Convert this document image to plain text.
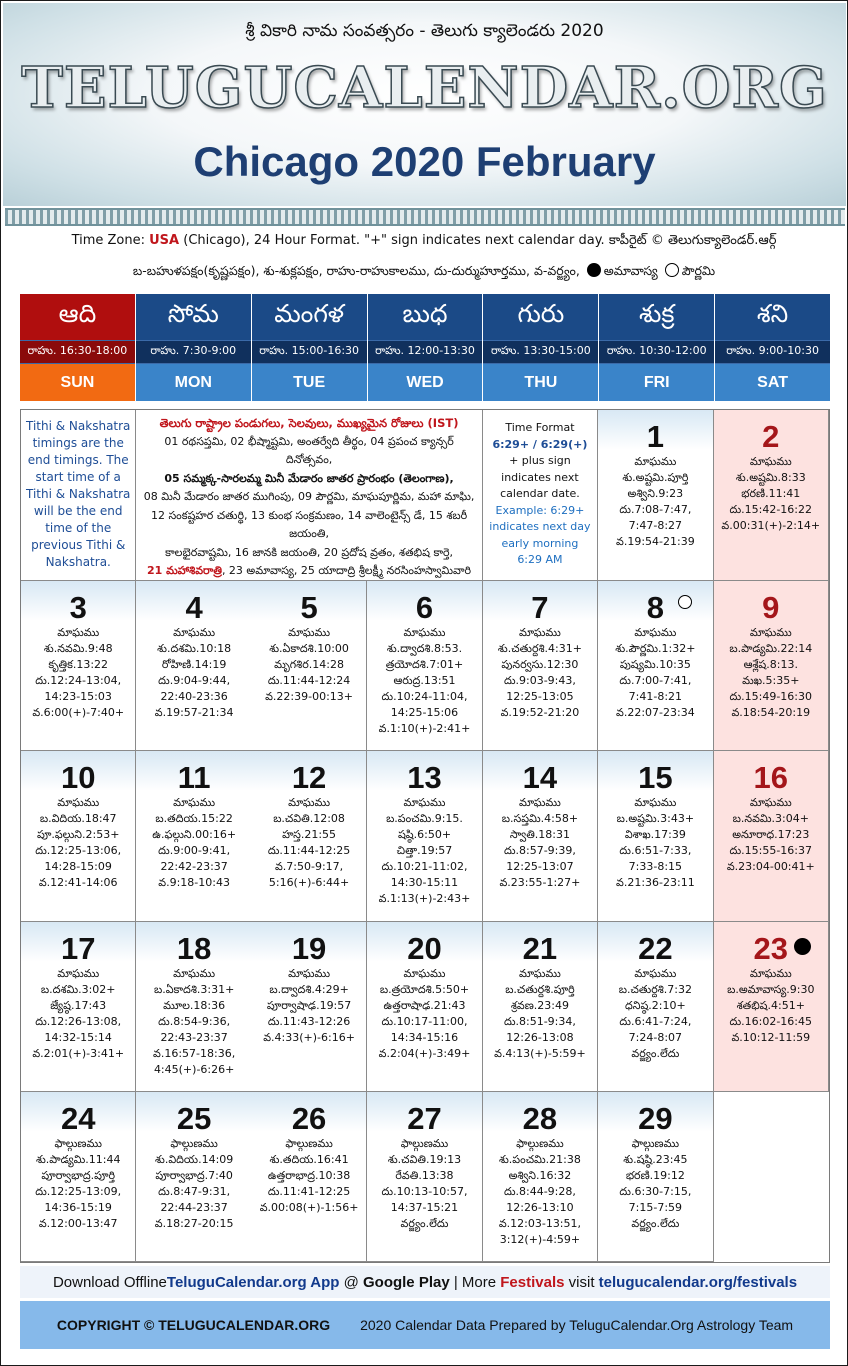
శ్రీ వికారి నామ సంవత్సరం - తెలుగు క్యాలెండరు 2020
TELUGUCALENDAR.ORG
Chicago 2020 February
Time Zone: USA (Chicago), 24 Hour Format. "+" sign indicates next calendar day. కాపీరైట్ © తెలుగుక్యాలెండర్.ఆర్గ్
బ-బహుళపక్షం(కృష్ణపక్షం), శు-శుక్లపక్షం, రాహు-రాహుకాలము, దు-దుర్ముహూర్తము, వ-వర్జ్యం, అమావాస్య పౌర్ణమి
ఆది
రాహు. 16:30-18:00
SUN
సోమ
రాహు. 7:30-9:00
MON
మంగళ
రాహు. 15:00-16:30
TUE
బుధ
రాహు. 12:00-13:30
WED
గురు
రాహు. 13:30-15:00
THU
శుక్ర
రాహు. 10:30-12:00
FRI
శని
రాహు. 9:00-10:30
SAT
Tithi & Nakshatra timings are the end timings. The start time of a Tithi & Nakshatra will be the end time of the previous Tithi & Nakshatra.
తెలుగు రాష్ట్రాల పండుగలు, సెలవులు, ముఖ్యమైన రోజులు (IST)
01 రథసప్తమి, 02 భీష్మాష్టమి, అంతర్వేది తీర్థం, 04 ప్రపంచ క్యాన్సర్ దినోత్సవం,
05 సమ్మక్క-సారలమ్మ మినీ మేడారం జాతర ప్రారంభం (తెలంగాణ),
08 మినీ మేడారం జాతర ముగింపు, 09 పౌర్ణమి, మాఘపూర్ణిమ, మహా మాఘి,
12 సంకష్టహర చతుర్థి, 13 కుంభ సంక్రమణం, 14 వాలెంటైన్స్ డే, 15 శబరీ జయంతి,
కాలభైరవాష్టమి, 16 జానకి జయంతి, 20 ప్రదోష వ్రతం, శతభిష కార్తె,
21 మహాశివరాత్రి, 23 అమావాస్య, 25 యాదాద్రి శ్రీలక్ష్మీ నరసింహస్వామివారి
Time Format
6:29+ / 6:29(+)
+ plus sign indicates next calendar date.
Example: 6:29+ indicates next day early morning
6:29 AM
1
మాఘము
శు.అష్టమి.పూర్తి
అశ్విని.9:23
దు.7:08-7:47,
7:47-8:27
వ.19:54-21:39
2
మాఘము
శు.అష్టమి.8:33
భరణి.11:41
దు.15:42-16:22
వ.00:31(+)-2:14+
3
మాఘము
శు.నవమి.9:48
కృత్తిక.13:22
దు.12:24-13:04,
14:23-15:03
వ.6:00(+)-7:40+
4
మాఘము
శు.దశమి.10:18
రోహిణి.14:19
దు.9:04-9:44,
22:40-23:36
వ.19:57-21:34
5
మాఘము
శు.ఏకాదశి.10:00
మృగశిర.14:28
దు.11:44-12:24
వ.22:39-00:13+
6
మాఘము
శు.ద్వాదశి.8:53.
త్రయోదశి.7:01+
ఆరుద్ర.13:51
దు.10:24-11:04,
14:25-15:06
వ.1:10(+)-2:41+
7
మాఘము
శు.చతుర్దశి.4:31+
పునర్వసు.12:30
దు.9:03-9:43,
12:25-13:05
వ.19:52-21:20
8
మాఘము
శు.పౌర్ణమి.1:32+
పుష్యమి.10:35
దు.7:00-7:41,
7:41-8:21
వ.22:07-23:34
9
మాఘము
బ.పాడ్యమి.22:14
ఆశ్లేష.8:13.
మఖ.5:35+
దు.15:49-16:30
వ.18:54-20:19
10
మాఘము
బ.విదియ.18:47
పూ.ఫల్గుని.2:53+
దు.12:25-13:06,
14:28-15:09
వ.12:41-14:06
11
మాఘము
బ.తదియ.15:22
ఉ.ఫల్గుని.00:16+
దు.9:00-9:41,
22:42-23:37
వ.9:18-10:43
12
మాఘము
బ.చవితి.12:08
హస్త.21:55
దు.11:44-12:25
వ.7:50-9:17,
5:16(+)-6:44+
13
మాఘము
బ.పంచమి.9:15.
షష్ఠి.6:50+
చిత్తా.19:57
దు.10:21-11:02,
14:30-15:11
వ.1:13(+)-2:43+
14
మాఘము
బ.సప్తమి.4:58+
స్వాతి.18:31
దు.8:57-9:39,
12:25-13:07
వ.23:55-1:27+
15
మాఘము
బ.అష్టమి.3:43+
విశాఖ.17:39
దు.6:51-7:33,
7:33-8:15
వ.21:36-23:11
16
మాఘము
బ.నవమి.3:04+
అనూరాధ.17:23
దు.15:55-16:37
వ.23:04-00:41+
17
మాఘము
బ.దశమి.3:02+
జ్యేష్ఠ.17:43
దు.12:26-13:08,
14:32-15:14
వ.2:01(+)-3:41+
18
మాఘము
బ.ఏకాదశి.3:31+
మూల.18:36
దు.8:54-9:36,
22:43-23:37
వ.16:57-18:36,
4:45(+)-6:26+
19
మాఘము
బ.ద్వాదశి.4:29+
పూర్వాషాఢ.19:57
దు.11:43-12:26
వ.4:33(+)-6:16+
20
మాఘము
బ.త్రయోదశి.5:50+
ఉత్తరాషాఢ.21:43
దు.10:17-11:00,
14:34-15:16
వ.2:04(+)-3:49+
21
మాఘము
బ.చతుర్దశి.పూర్తి
శ్రవణ.23:49
దు.8:51-9:34,
12:26-13:08
వ.4:13(+)-5:59+
22
మాఘము
బ.చతుర్దశి.7:32
ధనిష్ఠ.2:10+
దు.6:41-7:24,
7:24-8:07
వర్జ్యం.లేదు
23
మాఘము
బ.అమావాస్య.9:30
శతభిష.4:51+
దు.16:02-16:45
వ.10:12-11:59
24
ఫాల్గుణము
శు.పాడ్యమి.11:44
పూర్వాభాద్ర.పూర్తి
దు.12:25-13:09,
14:36-15:19
వ.12:00-13:47
25
ఫాల్గుణము
శు.విదియ.14:09
పూర్వాభాద్ర.7:40
దు.8:47-9:31,
22:44-23:37
వ.18:27-20:15
26
ఫాల్గుణము
శు.తదియ.16:41
ఉత్తరాభాద్ర.10:38
దు.11:41-12:25
వ.00:08(+)-1:56+
27
ఫాల్గుణము
శు.చవితి.19:13
రేవతి.13:38
దు.10:13-10:57,
14:37-15:21
వర్జ్యం.లేదు
28
ఫాల్గుణము
శు.పంచమి.21:38
అశ్విని.16:32
దు.8:44-9:28,
12:26-13:10
వ.12:03-13:51,
3:12(+)-4:59+
29
ఫాల్గుణము
శు.షష్ఠి.23:45
భరణి.19:12
దు.6:30-7:15,
7:15-7:59
వర్జ్యం.లేదు
Download Offline TeluguCalendar.org App @ Google Play | More Festivals visit telugucalendar.org/festivals
COPYRIGHT © TELUGUCALENDAR.ORG 2020 Calendar Data Prepared by TeluguCalendar.Org Astrology Team
